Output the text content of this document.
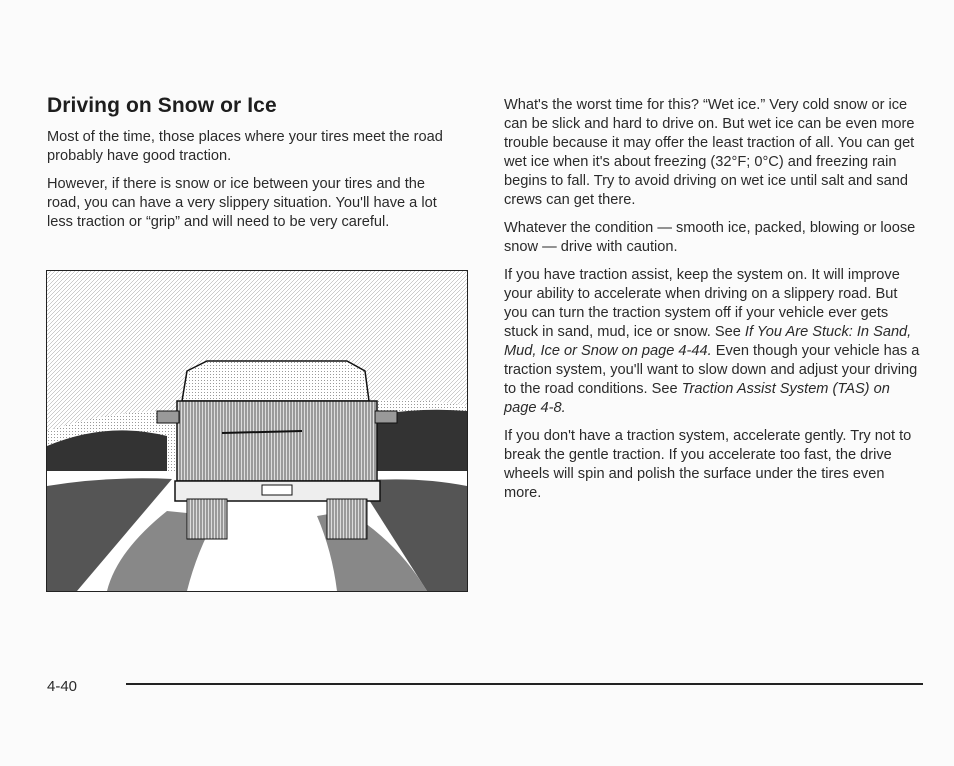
Driving on Snow or Ice

Most of the time, those places where your tires meet the road probably have good traction.

However, if there is snow or ice between your tires and the road, you can have a very slippery situation. You'll have a lot less traction or “grip” and will need to be very careful.

What's the worst time for this? “Wet ice.” Very cold snow or ice can be slick and hard to drive on. But wet ice can be even more trouble because it may offer the least traction of all. You can get wet ice when it's about freezing (32°F; 0°C) and freezing rain begins to fall. Try to avoid driving on wet ice until salt and sand crews can get there.

Whatever the condition — smooth ice, packed, blowing or loose snow — drive with caution.

If you have traction assist, keep the system on. It will improve your ability to accelerate when driving on a slippery road. But you can turn the traction system off if your vehicle ever gets stuck in sand, mud, ice or snow. See If You Are Stuck: In Sand, Mud, Ice or Snow on page 4-44. Even though your vehicle has a traction system, you'll want to slow down and adjust your driving to the road conditions. See Traction Assist System (TAS) on page 4-8.

If you don't have a traction system, accelerate gently. Try not to break the gentle traction. If you accelerate too fast, the drive wheels will spin and polish the surface under the tires even more.

4-40
